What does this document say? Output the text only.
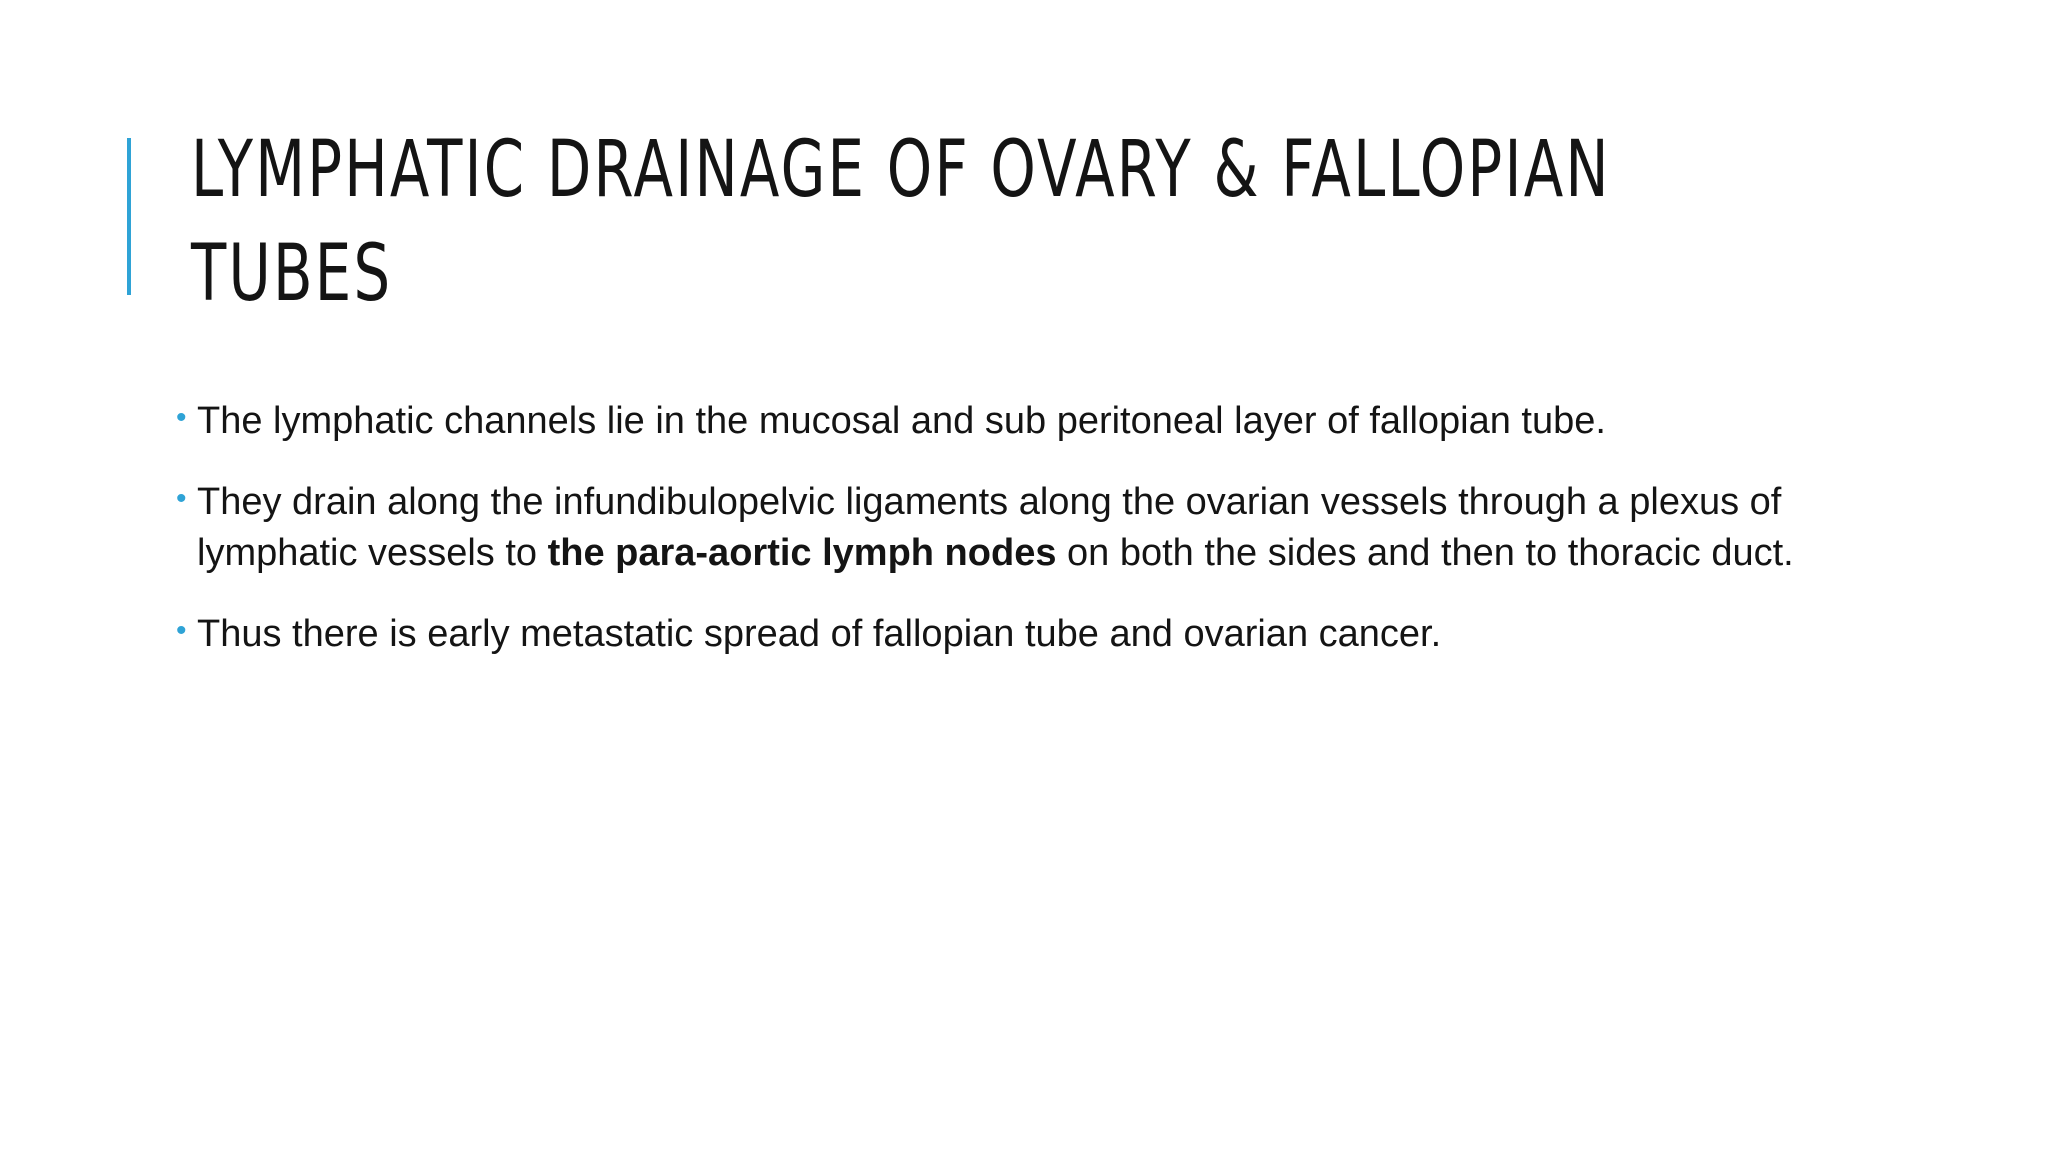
LYMPHATIC DRAINAGE OF OVARY & FALLOPIAN
TUBES
• The lymphatic channels lie in the mucosal and sub peritoneal layer of fallopian tube.
• They drain along the infundibulopelvic ligaments along the ovarian vessels through a plexus of lymphatic vessels to the para-aortic lymph nodes on both the sides and then to thoracic duct.
• Thus there is early metastatic spread of fallopian tube and ovarian cancer.
